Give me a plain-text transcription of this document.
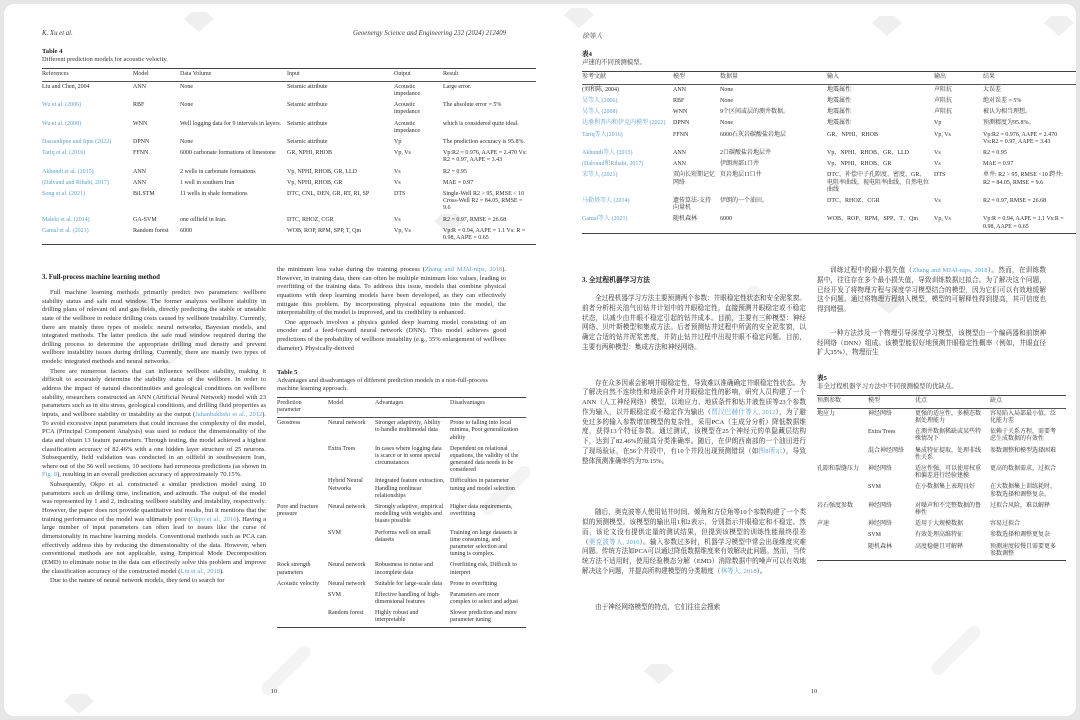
K. Xu et al.	Geoenergy Science and Engineering 232 (2024) 212409
Table 4
Different prediction models for acoustic velocity.
References	Model	Data Volume	Input	Output	Result
Liu and Chen, 2004	ANN	None	Seismic attribute	Acoustic impedance	Large error.
Wu et al. (2006)	RBF	None	Seismic attribute	Acoustic impedance	The absolute error = 5%
Wu et al. (2008)	WNN	Well logging data for 9 intervals in layers.	Seismic attribute	Acoustic impedance	which is considered quite ideal.
Dassanlipne and Iqne (2022)	DPNN	None	Seismic attribute	Vp	The prediction accuracy is 95.8%.
Tariq et al. (2016)	FFNN	6000 carbonate formations of limestone	GR, NPHI, RHOB	Vp, Vs	Vp:R2 = 0.976, AAPE = 2.470 Vs: R2 = 0.97, AAPE = 3.43
Akhundi et al. (2015)	ANN	2 wells in carbonate formations	Vp, NPHI, RHOB, GR, LLD	Vs	R2 = 0.95
(Dalvand and Rihabi, 2017)	ANN	1 well in southern Iran	Vp, NPHI, RHOB, GR	Vs	MAE = 0.97
Song et al. (2021)	BiLSTM	11 wells in shale formations	DTC, CNL, DEN, GR, RT, RI, SP	DTS	Single-Well R2 > 95, RMSE < 10 Cross-Well R2 = 84.05, RMSE = 9.6
Maleki et al. (2014)	GA-SVM	one oilfield in Iran.	DTC, RHOZ, CGR	Vs	R2 = 0.97, RMSE = 26.68
Gamal et al. (2021)	Random forest	6000	WOB, ROP, RPM, SPP, T, Qm	Vp, Vs	Vp:R = 0.94, AAPE = 1.1 Vs: R = 0.98, AAPE = 0.65
3. Full-process machine learning method

Full machine learning methods primarily predict two parameters: wellbore stability status and safe mud window. The former analyzes wellbore stability in drilling plans of relevant oil and gas fields, directly predicting the stable or unstable state of the wellbore to reduce drilling costs caused by wellbore instability. Currently, there are mainly three types of models: neural networks, Bayesian models, and integrated methods. The latter predicts the safe mud window required during the drilling process to determine the appropriate drilling mud density and prevent wellbore instability issues during drilling. Currently, there are mainly two types of models: integrated methods and neural networks.

There are numerous factors that can influence wellbore stability, making it difficult to accurately determine the stability status of the wellbore. In order to address the impact of natural discontinuities and geological conditions on wellbore stability, researchers constructed an ANN (Artificial Neural Network) model with 23 parameters such as in situ stress, geological conditions, and drilling fluid properties as inputs, and wellbore stability or instability as the output (Jahanbakhshi et al., 2012). To avoid excessive input parameters that could increase the complexity of the model, PCA (Principal Component Analysis) was used to reduce the dimensionality of the data and obtain 13 feature parameters. Through testing, the model achieved a highest classification accuracy of 82.46% with a one hidden layer structure of 25 neurons. Subsequently, field validation was conducted in an oilfield in southwestern Iran, where out of the 56 well sections, 10 sections had erroneous predictions (as shown in Fig. 8), resulting in an overall prediction accuracy of approximately 70.15%.

Subsequently, Okpo et al. constructed a similar prediction model using 10 parameters such as drilling time, inclination, and azimuth. The output of the model was represented by 1 and 2, indicating wellbore stability and instability, respectively. However, the paper does not provide quantitative test results, but it mentions that the training performance of the model was ultimately poor (Okpo et al., 2016). Having a large number of input parameters can often lead to issues like the curse of dimensionality in machine learning models. Conventional methods such as PCA can effectively address this by reducing the dimensionality of the data. However, when conventional methods are not applicable, using Empirical Mode Decomposition (EMD) to eliminate noise in the data can effectively solve this problem and improve the classification accuracy of the constructed model (Lin et al., 2018).

Due to the nature of neural network models, they tend to search for

the minimum loss value during the training process (Zhang and MJAl-nips, 2018). However, in training data, there can often be multiple minimum loss values, leading to overfitting of the training data. To address this issue, models that combine physical equations with deep learning models have been developed, as they can effectively mitigate this problem. By incorporating physical equations into the model, the interpretability of the model is improved, and its credibility is enhanced.

One approach involves a physics guided deep learning model consisting of an encoder and a feed-forward neural network (DNN). This model achieves good predictions of the probability of wellbore instability (e.g., 35% enlargement of wellbore diameter). Physically-derived

Table 5
Advantages and disadvantages of different prediction models in a non-full-process machine learning approach.
Prediction parameter	Model	Advantages	Disadvantages
Geostress	Neural network	Stronger adaptivity, Ability to handle multimodal data	Prone to falling into local minima, Poor generalization ability
	Extra Trees	In cases where logging data is scarce or in some special circumstances	Dependent on relational equations, the validity of the generated data needs to be considered
	Hybrid Neural Networks	Integrated feature extraction, Handling nonlinear relationships	Difficulties in parameter tuning and model selection
Pore and fracture pressure	Neural network	Strongly adaptive, empirical modelling with weights and biases possible	Higher data requirements, overfitting
	SVM	Performs well on small datasets	Training on large datasets is time consuming, and parameter selection and tuning is complex.
Rock strength parameters	Neural network	Robustness to noise and incomplete data	Overfitting risk, Difficult to interpret
Acoustic velocity	Neural network	Suitable for large-scale data	Prone to overfitting
	SVM	Effective handling of high-dimensional features	Parameters are more complex to select and adjust
	Random forest	Highly robust and interpretable	Slower prediction and more parameter tuning
10
徐等人
表4
声速的不同预测模型。
参考文献	模型	数据量	输入	输出	结果
(刘和陈, 2004)	ANN	None	地震属性	声阻抗	大误差
吴等人 (2006)	RBF	None	地震属性	声阻抗	绝对误差 = 5%
吴等人 (2008)	WNN	9个区间或层的测井数据。	地震属性	声阻抗	被认为相当理想。
达桑利普内和伊克内模型 (2022)	DPNN	None	地震属性	Vp	预测精度为95.8%。
Tariq等人(2016)	FFNN	6000石灰岩碳酸盐岩地层	GR、NPHI、RHOB	Vp, Vs	Vp:R2 = 0.976, AAPE = 2.470 Vs:R2 = 0.97, AAPE = 3.43
Akhundi等人 (2015)	ANN	2口碳酸盐岩地层井	Vp、NPHI、RHOB、GR、LLD	Vs	R2 = 0.95
(Dalvand和Rihabi, 2017)	ANN	伊朗南部1口井	Vp、NPHI、RHOB、GR	Vs	MAE = 0.97
宋等人 (2021)	双向长短期记忆网络	页岩地层11口井	DTC、补偿中子孔隙度、密度、GR、电阻率曲线、视电阻率曲线、自然电位曲线	DTS	单井: R2 > 95, RMSE <10 跨井: R2 = 84.05, RMSE = 9.6
马勒基等人 (2014)	遗传算法-支持向量机	伊朗的一个油田。	DTC、RHOZ、CGR	Vs	R2 = 0.97, RMSE = 26.68
Gamal等人 (2021)	随机森林	6000	WOB、ROP、RPM、SPP、T、Qm	Vp, Vs	Vp:R = 0.94, AAPE = 1.1 Vs:R = 0.98, AAPE = 0.65
3. 全过程机器学习方法

全过程机器学习方法主要预测两个参数：井眼稳定性状态和安全泥浆窗。前者分析相关油气田钻井计划中的井眼稳定性，直接预测井眼稳定或不稳定状态，以减少由井眼不稳定引起的钻井成本。目前，主要有三种模型：神经网络、贝叶斯模型和集成方法。后者预测钻井过程中所需的安全泥浆窗，以确定合适的钻井泥浆密度，并防止钻井过程中出现井眼不稳定问题。目前，主要有两种模型：集成方法和神经网络。

存在众多因素会影响井眼稳定性，导致难以准确确定井眼稳定性状态。为了解决自然不连续性和地质条件对井眼稳定性的影响，研究人员构建了一个ANN（人工神经网络）模型，以地应力、地质条件和钻井液性质等23个参数作为输入，以井眼稳定或不稳定作为输出（贾汉巴赫什等人, 2012），为了避免过多的输入参数增加模型的复杂性，采用PCA（主成分分析）降低数据维度，获得13个特征参数。通过测试，该模型在25个神经元的单隐藏层结构下，达到了82.46%的最高分类准确率。随后，在伊朗西南部的一个油田进行了现场验证，在56个井段中，有10个井段出现预测错误（如图8所示），导致整体预测准确率约为70.15%。

随后，奥克波等人使用钻井时间、倾角和方位角等10个参数构建了一个类似的预测模型。该模型的输出用1和2表示，分别指示井眼稳定和不稳定。然而，该论文没有提供定量的测试结果，但提到该模型的训练性能最终很差（奥克波等人, 2016）。输入参数过多时，机器学习模型中常会出现维度灾难问题。传统方法如PCA可以通过降低数据维度来有效解决此问题。然而，当传统方法不适用时，使用经验模态分解（EMD）消除数据中的噪声可以有效地解决这个问题，并提高所构建模型的分类精度（林等人, 2018）。

由于神经网络模型的特点，它们往往会搜索

训练过程中的最小损失值（Zhang and MJAl-nips, 2018）。然而，在训练数据中，往往存在多个最小损失值，导致训练数据过拟合。为了解决这个问题，已经开发了将物理方程与深度学习模型结合的模型，因为它们可以有效地缓解这个问题。通过将物理方程纳入模型，模型的可解释性得到提高，其可信度也得到增强。

一种方法涉及一个物理引导深度学习模型，该模型由一个编码器和前馈神经网络（DNN）组成。该模型能很好地预测井眼稳定性概率（例如，井眼直径扩大35%），物理衍生

表5
非全过程机器学习方法中不同预测模型的优缺点。
预测参数	模型	优点	缺点
地应力	神经网络	更强的适应性，多模态数据处理能力	容易陷入局部最小值，泛化能力差
	Extra Trees	在测井数据稀缺或某些特殊情况下	依赖于关系方程，需要考虑生成数据的有效性
	混合神经网络	集成特征提取，处理非线性关系	参数调整和模型选择困难
孔隙和裂缝压力	神经网络	适应性强，可以使用权重和偏差进行经验建模	更高的数据需求，过拟合
	SVM	在小数据集上表现良好	在大数据集上训练耗时，参数选择和调整复杂。
岩石强度参数	神经网络	对噪声和不完整数据的鲁棒性	过拟合风险，难以解释
声速	神经网络	适用于大规模数据	容易过拟合
	SVM	有效处理高维特征	参数选择和调整更复杂
	随机森林	高度稳健且可解释	预测速度较慢且需要更多参数调整
10
